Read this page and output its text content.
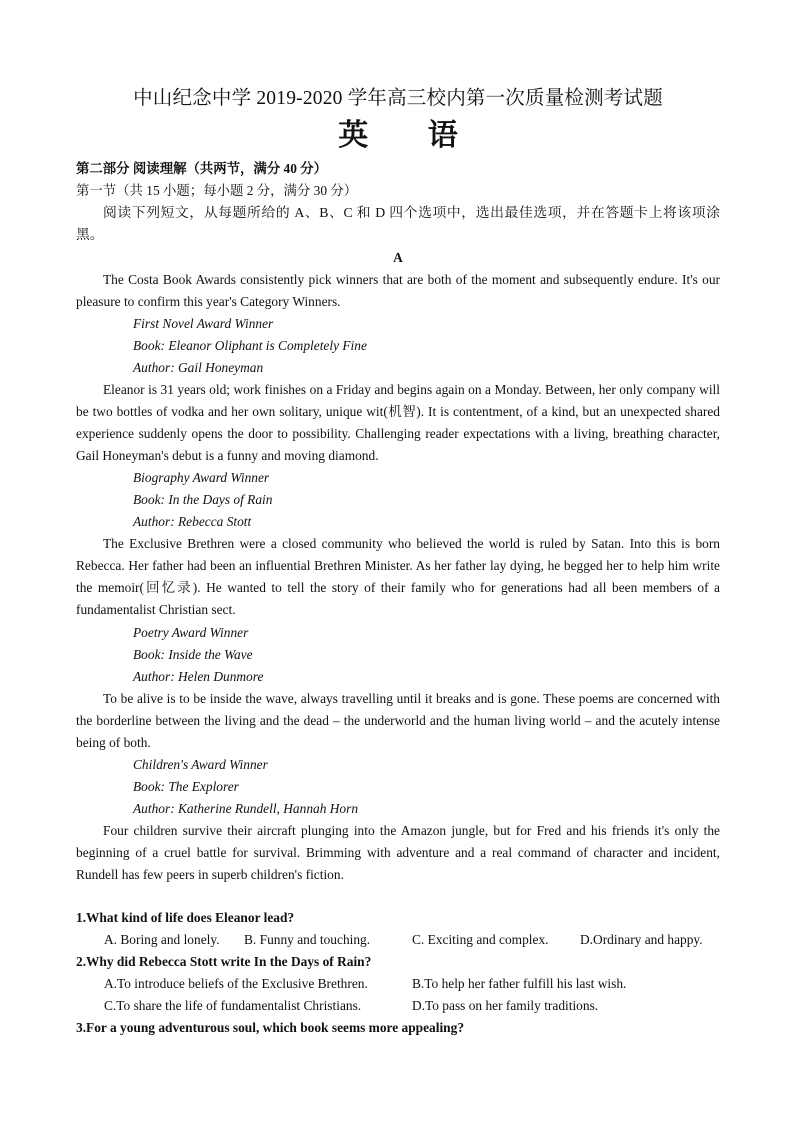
中山纪念中学 2019-2020 学年高三校内第一次质量检测考试题
英 语
第二部分 阅读理解（共两节，满分 40 分）
第一节（共 15 小题；每小题 2 分，满分 30 分）
阅读下列短文，从每题所给的 A、B、C 和 D 四个选项中，选出最佳选项，并在答题卡上将该项涂黑。
A
The Costa Book Awards consistently pick winners that are both of the moment and subsequently endure. It's our pleasure to confirm this year's Category Winners.
First Novel Award Winner
Book: Eleanor Oliphant is Completely Fine
Author: Gail Honeyman
Eleanor is 31 years old; work finishes on a Friday and begins again on a Monday. Between, her only company will be two bottles of vodka and her own solitary, unique wit(机智). It is contentment, of a kind, but an unexpected shared experience suddenly opens the door to possibility. Challenging reader expectations with a living, breathing character, Gail Honeyman's debut is a funny and moving diamond.
Biography Award Winner
Book: In the Days of Rain
Author: Rebecca Stott
The Exclusive Brethren were a closed community who believed the world is ruled by Satan. Into this is born Rebecca. Her father had been an influential Brethren Minister. As her father lay dying, he begged her to help him write the memoir(回忆录). He wanted to tell the story of their family who for generations had all been members of a fundamentalist Christian sect.
Poetry Award Winner
Book: Inside the Wave
Author: Helen Dunmore
To be alive is to be inside the wave, always travelling until it breaks and is gone. These poems are concerned with the borderline between the living and the dead – the underworld and the human living world – and the acutely intense being of both.
Children's Award Winner
Book: The Explorer
Author: Katherine Rundell, Hannah Horn
Four children survive their aircraft plunging into the Amazon jungle, but for Fred and his friends it's only the beginning of a cruel battle for survival. Brimming with adventure and a real command of character and incident, Rundell has few peers in superb children's fiction.
1.What kind of life does Eleanor lead?
A. Boring and lonely.	B. Funny and touching.	C. Exciting and complex.	D.Ordinary and happy.
2.Why did Rebecca Stott write In the Days of Rain?
A.To introduce beliefs of the Exclusive Brethren.	B.To help her father fulfill his last wish.
C.To share the life of fundamentalist Christians.	D.To pass on her family traditions.
3.For a young adventurous soul, which book seems more appealing?
